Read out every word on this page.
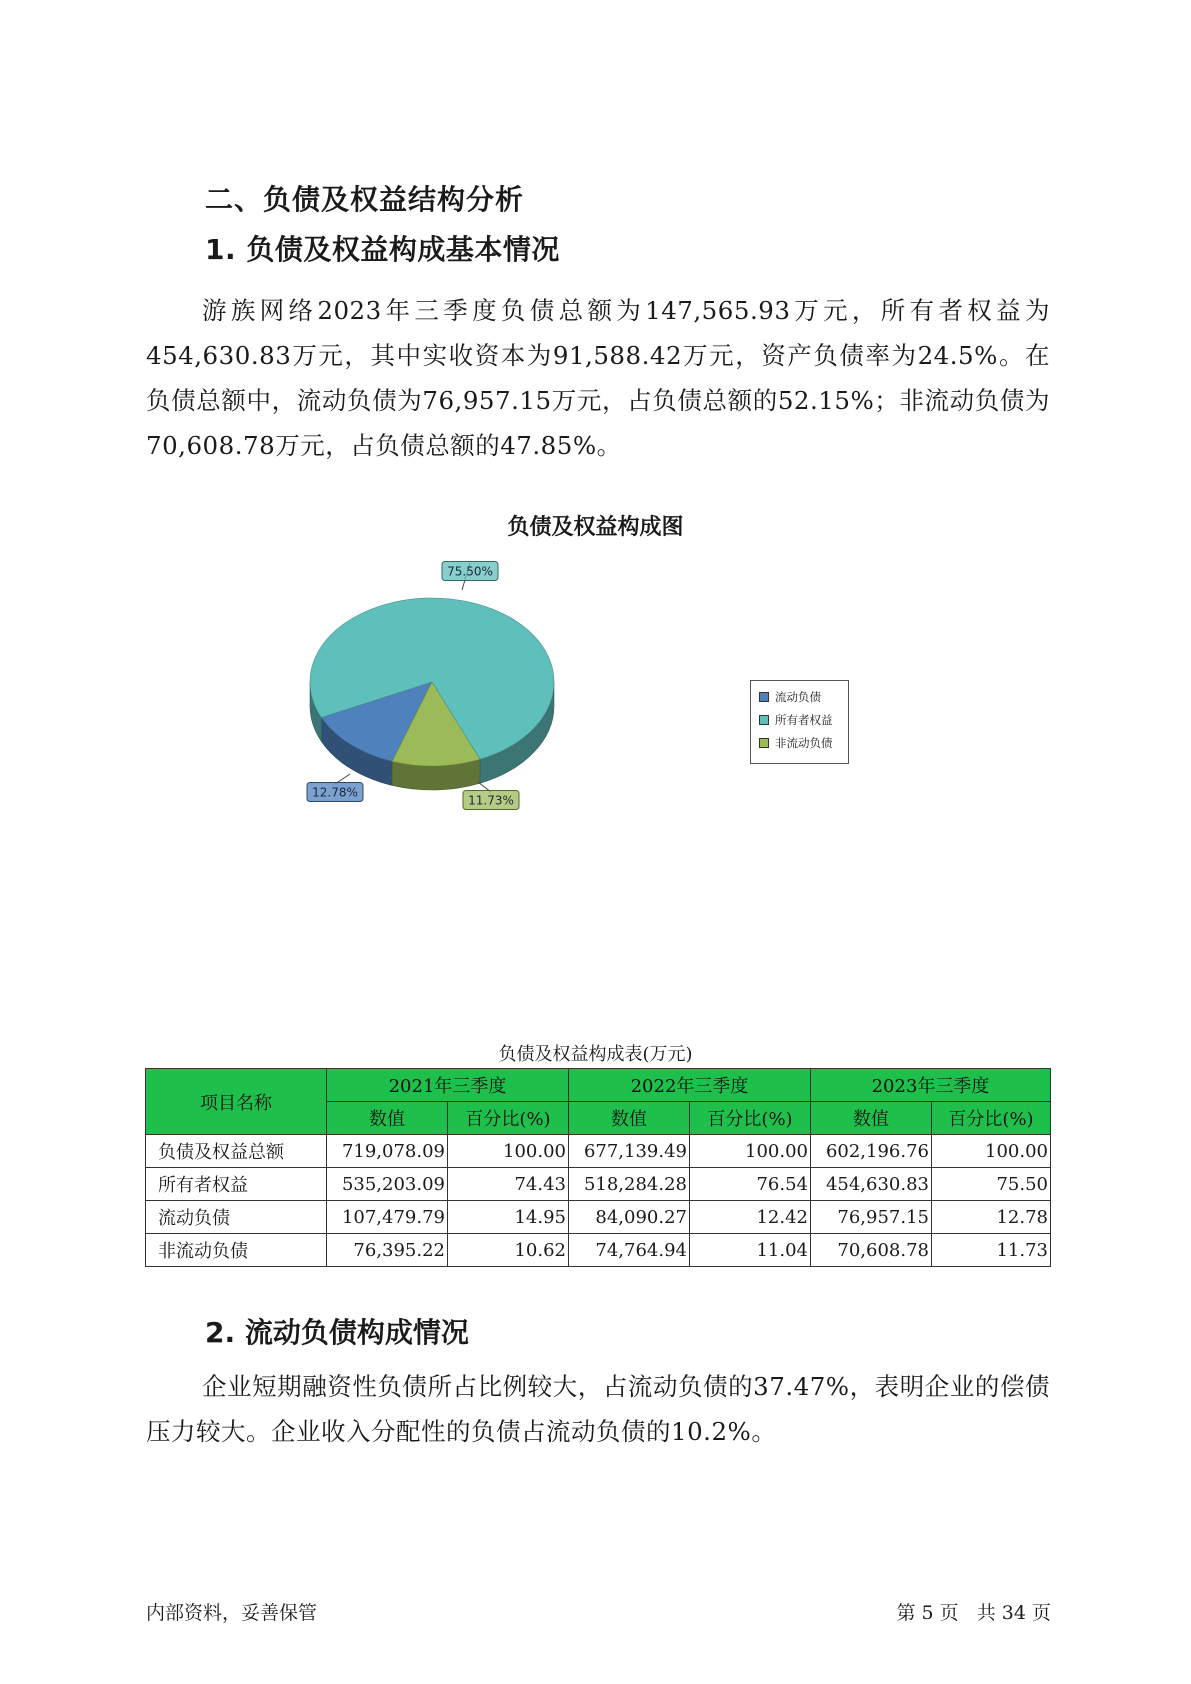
二、负债及权益结构分析
1. 负债及权益构成基本情况
游族网络2023年三季度负债总额为147,565.93万元，所有者权益为454,630.83万元，其中实收资本为91,588.42万元，资产负债率为24.5%。在负债总额中，流动负债为76,957.15万元，占负债总额的52.15%；非流动负债为70,608.78万元，占负债总额的47.85%。
负债及权益构成图
12.78%
75.50%
11.73%
流动负债
所有者权益
非流动负债
负债及权益构成表(万元)
项目名称	2021年三季度		2022年三季度		2023年三季度	
	数值	百分比(%)	数值	百分比(%)	数值	百分比(%)
负债及权益总额	719,078.09	100.00	677,139.49	100.00	602,196.76	100.00
所有者权益	535,203.09	74.43	518,284.28	76.54	454,630.83	75.50
流动负债	107,479.79	14.95	84,090.27	12.42	76,957.15	12.78
非流动负债	76,395.22	10.62	74,764.94	11.04	70,608.78	11.73
2. 流动负债构成情况
企业短期融资性负债所占比例较大，占流动负债的37.47%，表明企业的偿债压力较大。企业收入分配性的负债占流动负债的10.2%。
内部资料，妥善保管	第 5 页   共 34 页
